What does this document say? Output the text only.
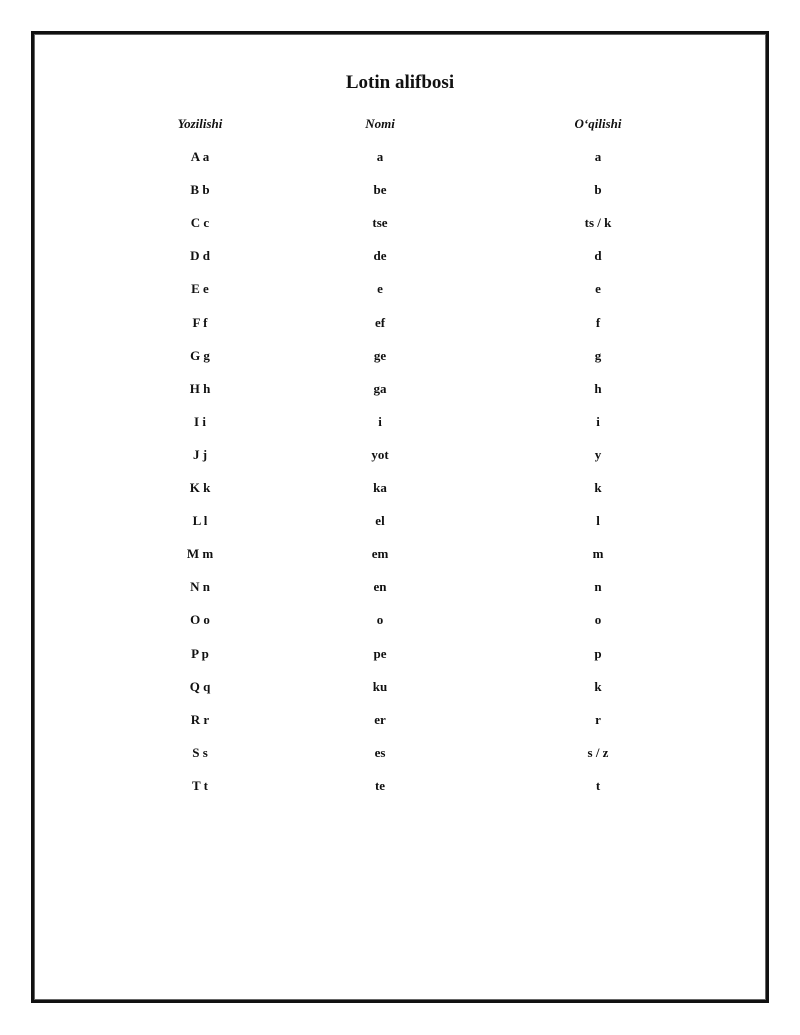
Lotin alifbosi
Yozilishi	Nomi	O‘qilishi
A a	a	a
B b	be	b
C c	tse	ts / k
D d	de	d
E e	e	e
F f	ef	f
G g	ge	g
H h	ga	h
I i	i	i
J j	yot	y
K k	ka	k
L l	el	l
M m	em	m
N n	en	n
O o	o	o
P p	pe	p
Q q	ku	k
R r	er	r
S s	es	s / z
T t	te	t
